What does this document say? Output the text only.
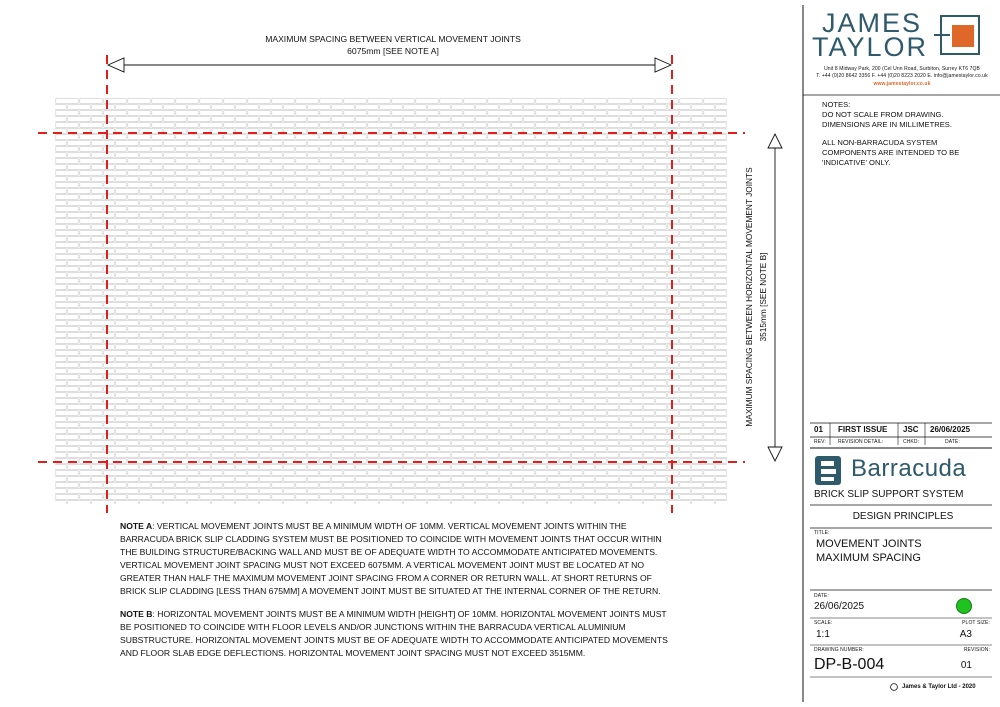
MAXIMUM SPACING BETWEEN VERTICAL MOVEMENT JOINTS
6075mm [SEE NOTE A]
MAXIMUM SPACING BETWEEN HORIZONTAL MOVEMENT JOINTS 3515mm [SEE NOTE B]

NOTE A: VERTICAL MOVEMENT JOINTS MUST BE A MINIMUM WIDTH OF 10MM. VERTICAL MOVEMENT JOINTS WITHIN THE BARRACUDA BRICK SLIP CLADDING SYSTEM MUST BE POSITIONED TO COINCIDE WITH MOVEMENT JOINTS THAT OCCUR WITHIN THE BUILDING STRUCTURE/BACKING WALL AND MUST BE OF ADEQUATE WIDTH TO ACCOMMODATE ANTICIPATED MOVEMENTS. VERTICAL MOVEMENT JOINT SPACING MUST NOT EXCEED 6075MM. A VERTICAL MOVEMENT JOINT MUST BE LOCATED AT NO GREATER THAN HALF THE MAXIMUM MOVEMENT JOINT SPACING FROM A CORNER OR RETURN WALL. AT SHORT RETURNS OF BRICK SLIP CLADDING [LESS THAN 675MM] A MOVEMENT JOINT MUST BE SITUATED AT THE INTERNAL CORNER OF THE RETURN.

NOTE B: HORIZONTAL MOVEMENT JOINTS MUST BE A MINIMUM WIDTH [HEIGHT] OF 10MM. HORIZONTAL MOVEMENT JOINTS MUST BE POSITIONED TO COINCIDE WITH FLOOR LEVELS AND/OR JUNCTIONS WITHIN THE BARRACUDA VERTICAL ALUMINIUM SUBSTRUCTURE. HORIZONTAL MOVEMENT JOINTS MUST BE OF ADEQUATE WIDTH TO ACCOMMODATE ANTICIPATED MOVEMENTS AND FLOOR SLAB EDGE DEFLECTIONS. HORIZONTAL MOVEMENT JOINT SPACING MUST NOT EXCEED 3515MM.

JAMES
TAYLOR
Unit 8 Midway Park, 200 (Cel Unn Road, Surbiton, Surrey KT6 7QB
T. +44 (0)20 8642 3356 F. +44 (0)20 8223 2020 E. info@jamestaylor.co.uk
www.jamestaylor.co.uk
NOTES:
DO NOT SCALE FROM DRAWING.
DIMENSIONS ARE IN MILLIMETRES.
ALL NON-BARRACUDA SYSTEM
COMPONENTS ARE INTENDED TO BE
'INDICATIVE' ONLY.
01 FIRST ISSUE JSC 26/06/2025
REV: REVISION DETAIL:	CHKD:	DATE:
Barracuda
BRICK SLIP SUPPORT SYSTEM
DESIGN PRINCIPLES
TITLE:
MOVEMENT JOINTS
MAXIMUM SPACING
DATE:
26/06/2025
SCALE:
1:1
PLOT SIZE:
A3
DRAWING NUMBER:
DP-B-004
REVISION:
01
James & Taylor Ltd - 2020
